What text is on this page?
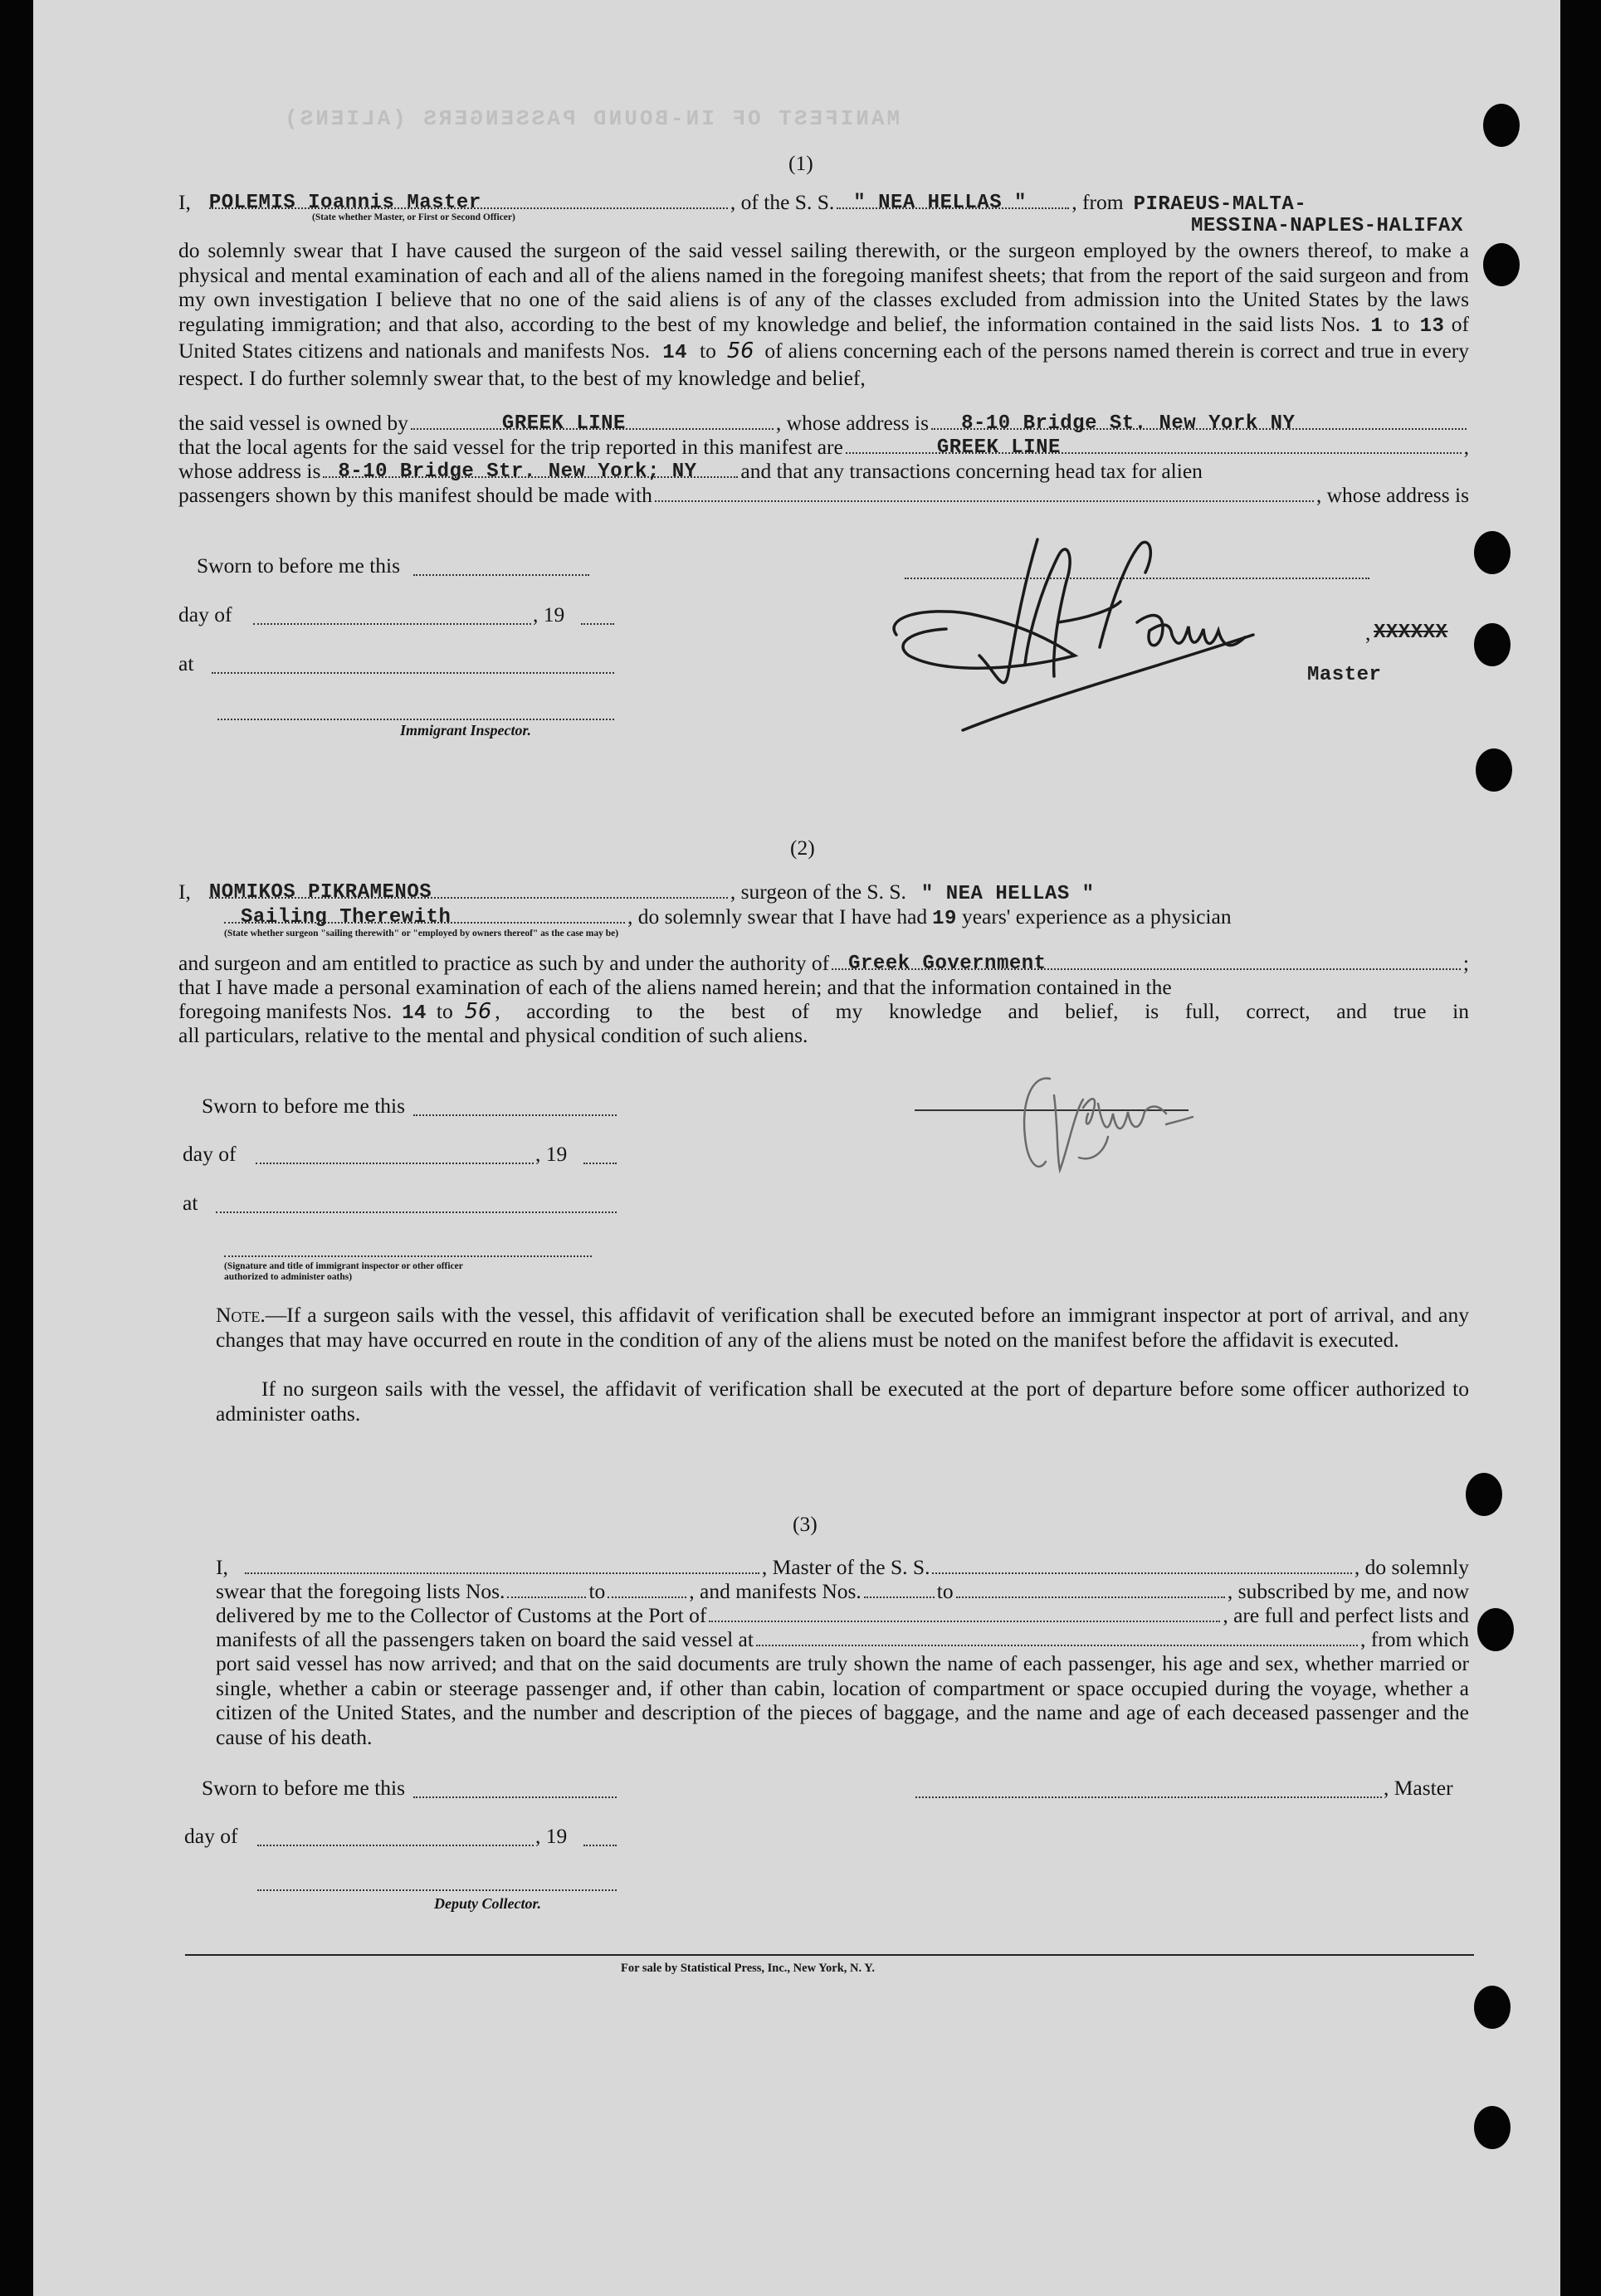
MANIFEST OF IN-BOUND PASSENGERS (ALIENS)
(1)
I, POLEMIS Ioannis Master	, of the S. S. " NEA HELLAS " , from PIRAEUS-MALTA-
(State whether Master, or First or Second Officer)	MESSINA-NAPLES-HALIFAX
do solemnly swear that I have caused the surgeon of the said vessel sailing therewith, or the surgeon employed by the owners thereof, to make a physical and mental examination of each and all of the aliens named in the foregoing manifest sheets; that from the report of the said surgeon and from my own investigation I believe that no one of the said aliens is of any of the classes excluded from admission into the United States by the laws regulating immigration; and that also, according to the best of my knowledge and belief, the information contained in the said lists Nos. 1 to 13 of United States citizens and nationals and manifests Nos. 14 to 56 of aliens concerning each of the persons named therein is correct and true in every respect. I do further solemnly swear that, to the best of my knowledge and belief,
the said vessel is owned by	GREEK LINE	, whose address is 8-10 Bridge St. New York NY
that the local agents for the said vessel for the trip reported in this manifest are	GREEK LINE	,
whose address is 8-10 Bridge Str. New York; NY and that any transactions concerning head tax for alien
passengers shown by this manifest should be made with	, whose address is
Sworn to before me this
day of	, 19
at
Immigrant Inspector.
, XXXXXX
Master
(2)
I, NOMIKOS PIKRAMENOS	, surgeon of the S. S. " NEA HELLAS "
Sailing Therewith	, do solemnly swear that I have had 19 years' experience as a physician
(State whether surgeon "sailing therewith" or "employed by owners thereof" as the case may be)
and surgeon and am entitled to practice as such by and under the authority of Greek Government	;
that I have made a personal examination of each of the aliens named herein; and that the information contained in the
foregoing manifests Nos. 14 to 56 , according to the best of my knowledge and belief, is full, correct, and true in
all particulars, relative to the mental and physical condition of such aliens.
Sworn to before me this
day of	, 19
at
(Signature and title of immigrant inspector or other officer authorized to administer oaths)
Note.—If a surgeon sails with the vessel, this affidavit of verification shall be executed before an immigrant inspector at port of arrival, and any changes that may have occurred en route in the condition of any of the aliens must be noted on the manifest before the affidavit is executed.
If no surgeon sails with the vessel, the affidavit of verification shall be executed at the port of departure before some officer authorized to administer oaths.
(3)
I,	, Master of the S. S.	, do solemnly
swear that the foregoing lists Nos.	to	, and manifests Nos.	to	, subscribed by me, and now
delivered by me to the Collector of Customs at the Port of	, are full and perfect lists and
manifests of all the passengers taken on board the said vessel at	, from which
port said vessel has now arrived; and that on the said documents are truly shown the name of each passenger, his age and sex, whether married or single, whether a cabin or steerage passenger and, if other than cabin, location of compartment or space occupied during the voyage, whether a citizen of the United States, and the number and description of the pieces of baggage, and the name and age of each deceased passenger and the cause of his death.
Sworn to before me this	, Master
day of	, 19
Deputy Collector.
For sale by Statistical Press, Inc., New York, N. Y.
